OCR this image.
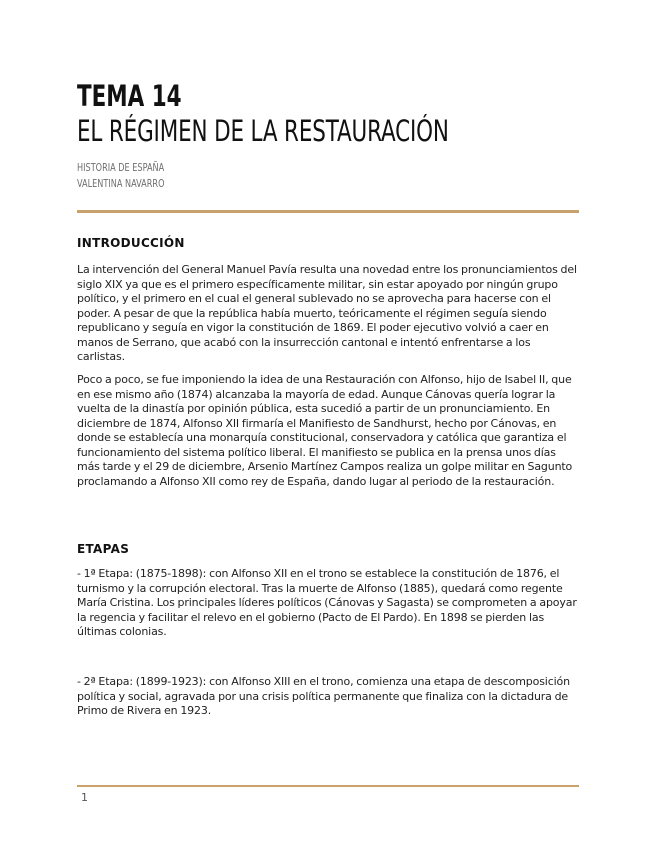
TEMA 14
EL RÉGIMEN DE LA RESTAURACIÓN
HISTORIA DE ESPAÑA
VALENTINA NAVARRO
INTRODUCCIÓN

La intervención del General Manuel Pavía resulta una novedad entre los pronunciamientos del siglo XIX ya que es el primero específicamente militar, sin estar apoyado por ningún grupo político, y el primero en el cual el general sublevado no se aprovecha para hacerse con el poder. A pesar de que la república había muerto, teóricamente el régimen seguía siendo republicano y seguía en vigor la constitución de 1869. El poder ejecutivo volvió a caer en manos de Serrano, que acabó con la insurrección cantonal e intentó enfrentarse a los carlistas.

Poco a poco, se fue imponiendo la idea de una Restauración con Alfonso, hijo de Isabel II, que en ese mismo año (1874) alcanzaba la mayoría de edad. Aunque Cánovas quería lograr la vuelta de la dinastía por opinión pública, esta sucedió a partir de un pronunciamiento. En diciembre de 1874, Alfonso XII firmaría el Manifiesto de Sandhurst, hecho por Cánovas, en donde se establecía una monarquía constitucional, conservadora y católica que garantiza el funcionamiento del sistema político liberal. El manifiesto se publica en la prensa unos días más tarde y el 29 de diciembre, Arsenio Martínez Campos realiza un golpe militar en Sagunto proclamando a Alfonso XII como rey de España, dando lugar al periodo de la restauración.

ETAPAS

- 1ª Etapa: (1875-1898): con Alfonso XII en el trono se establece la constitución de 1876, el turnismo y la corrupción electoral. Tras la muerte de Alfonso (1885), quedará como regente María Cristina. Los principales líderes políticos (Cánovas y Sagasta) se comprometen a apoyar la regencia y facilitar el relevo en el gobierno (Pacto de El Pardo). En 1898 se pierden las últimas colonias.

- 2ª Etapa: (1899-1923): con Alfonso XIII en el trono, comienza una etapa de descomposición política y social, agravada por una crisis política permanente que finaliza con la dictadura de Primo de Rivera en 1923.

1
